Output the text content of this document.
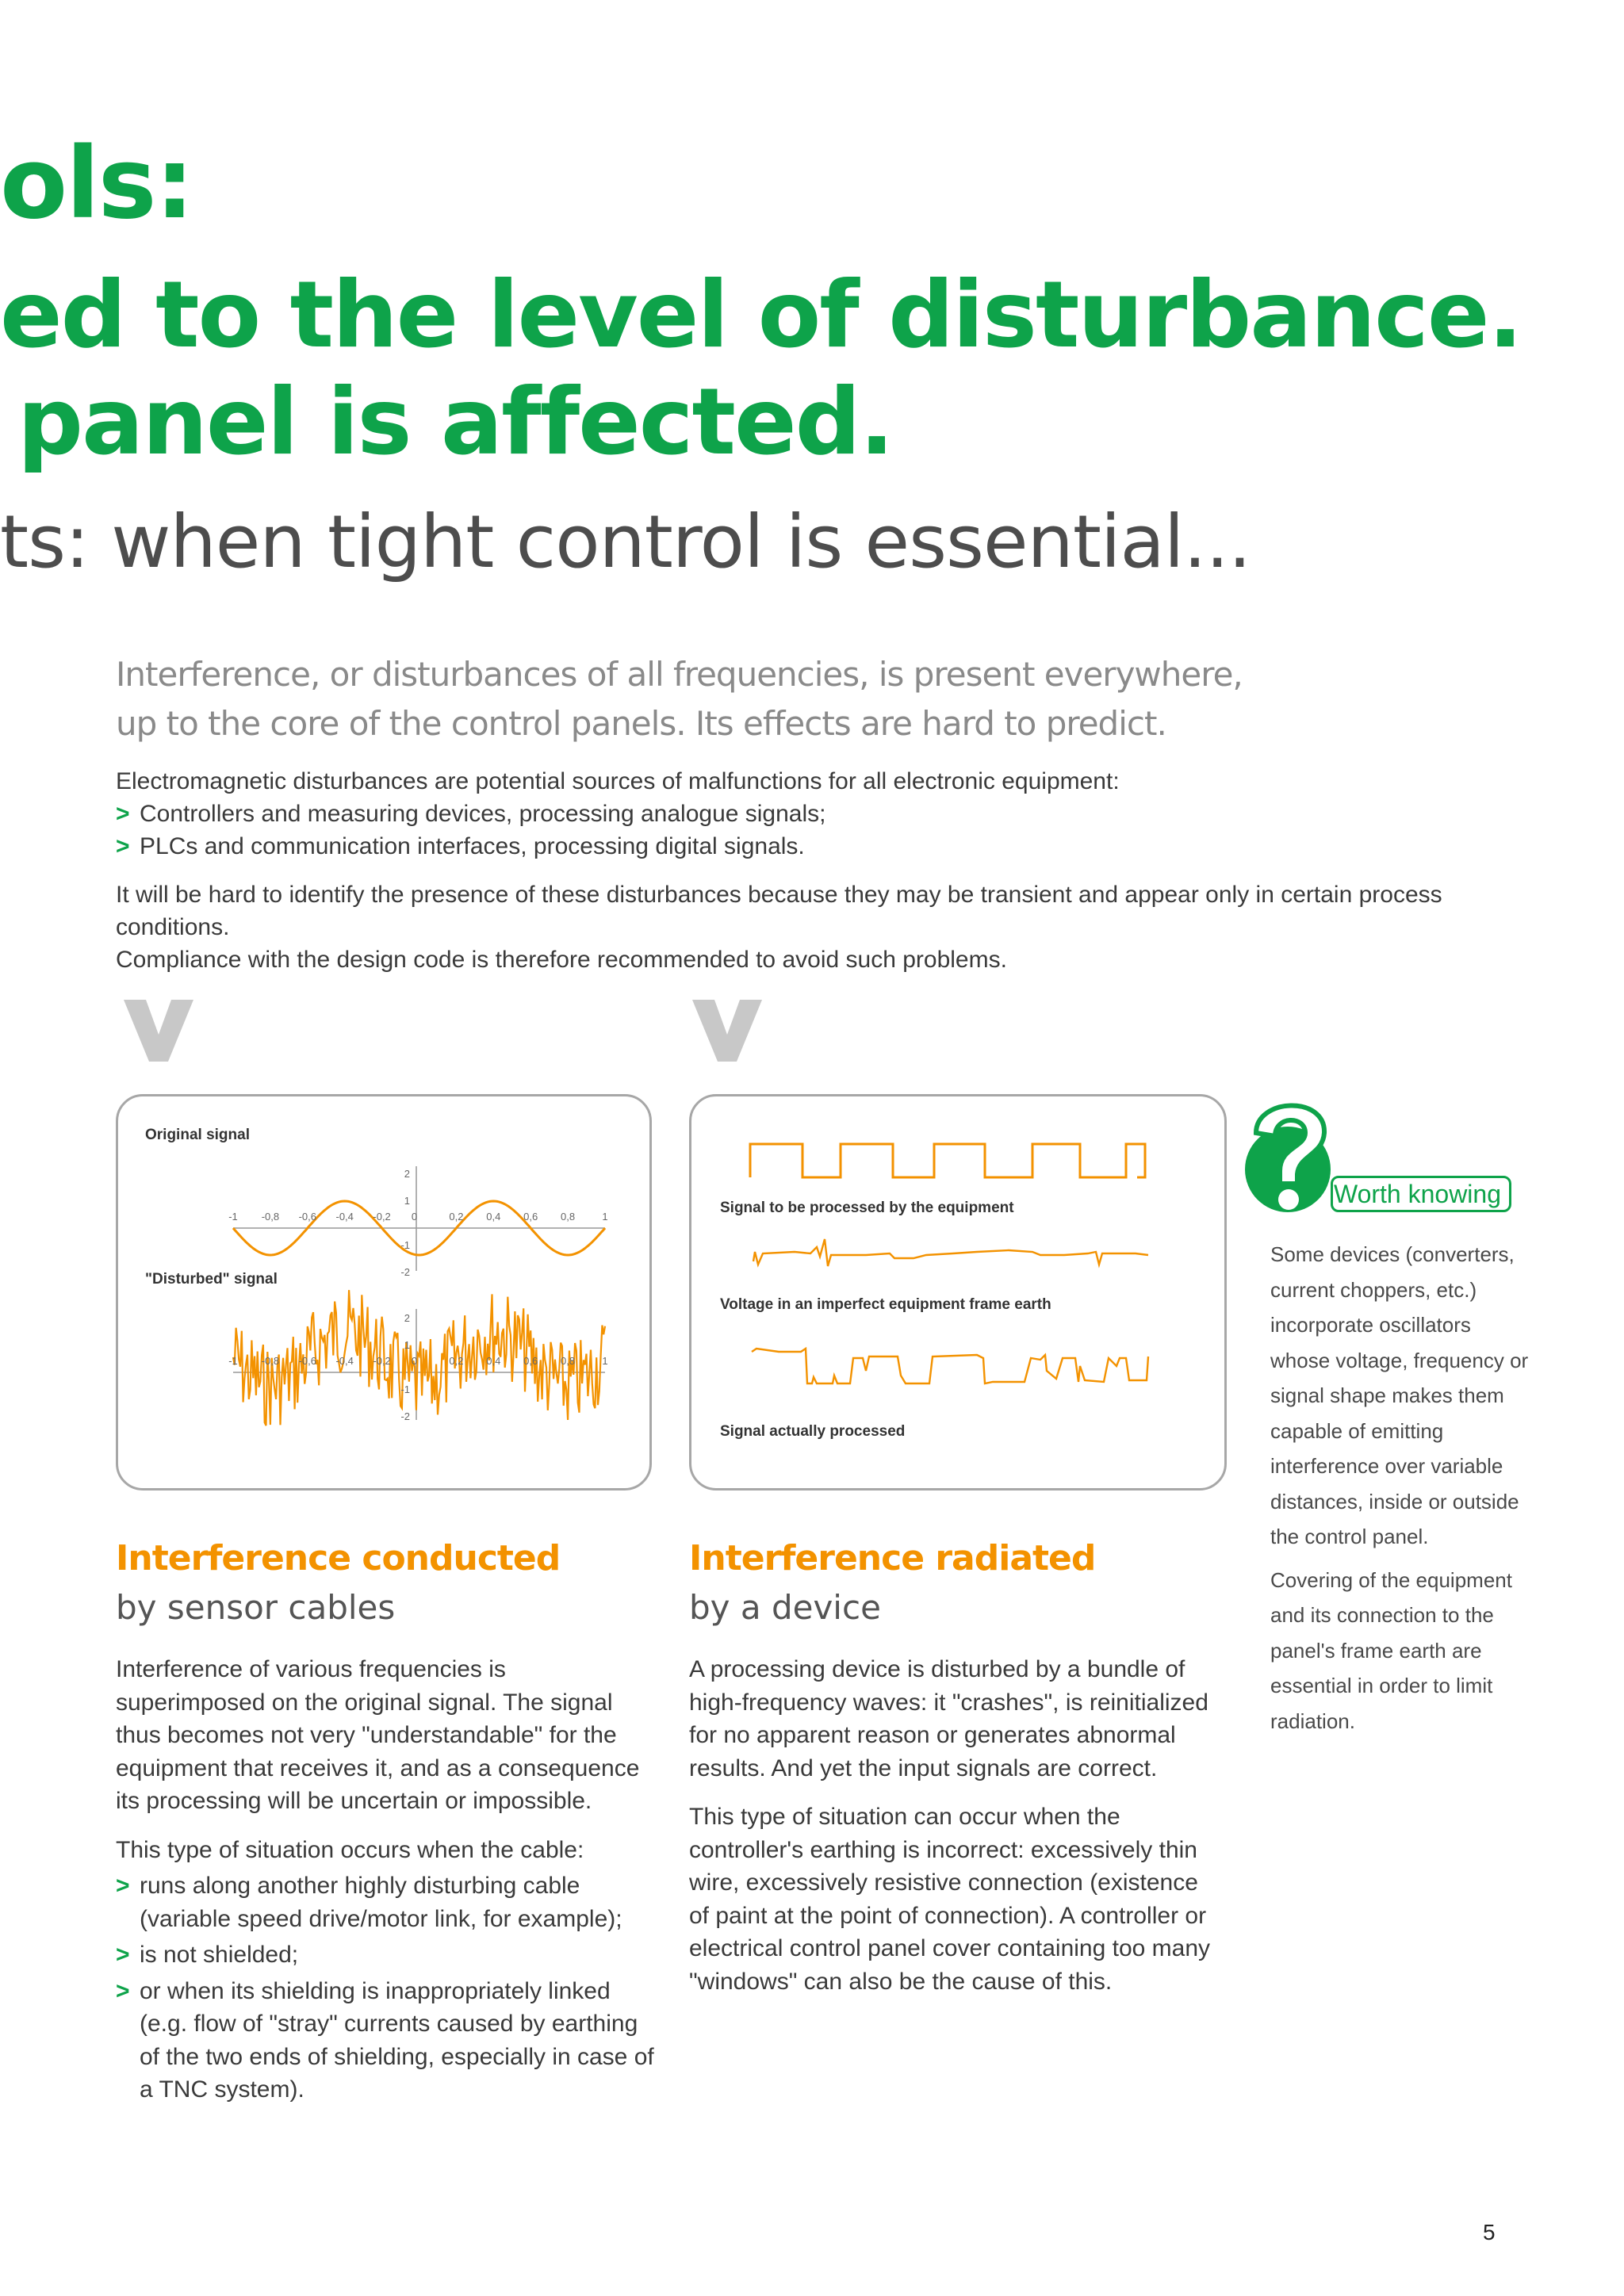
ols:
ed to the level of disturbance.
panel is affected.
ts: when tight control is essential...
Interference, or disturbances of all frequencies, is present everywhere,
up to the core of the control panels. Its effects are hard to predict.
Electromagnetic disturbances are potential sources of malfunctions for all electronic equipment:
> Controllers and measuring devices, processing analogue signals;
> PLCs and communication interfaces, processing digital signals.
It will be hard to identify the presence of these disturbances because they may be transient and appear only in certain process conditions.
Compliance with the design code is therefore recommended to avoid such problems.
Original signal
"Disturbed" signal
-1 -0,8 -0,6 -0,4 -0,2 0	0,2 0,4 0,6 0,8	1
2
1
-1
-2
-1 -0,8 -0,6 -0,4 -0,2 0	0,2 0,4 0,6 0,8	1
2
1
-1
-2
Signal to be processed by the equipment
Voltage in an imperfect equipment frame earth
Signal actually processed
Interference conducted
by sensor cables

Interference of various frequencies is superimposed on the original signal. The signal thus becomes not very "understandable" for the equipment that receives it, and as a consequence its processing will be uncertain or impossible.

This type of situation occurs when the cable:

> runs along another highly disturbing cable (variable speed drive/motor link, for example);
> is not shielded;
> or when its shielding is inappropriately linked (e.g. flow of "stray" currents caused by earthing of the two ends of shielding, especially in case of a TNC system).
Interference radiated
by a device

A processing device is disturbed by a bundle of high-frequency waves: it "crashes", is reinitialized for no apparent reason or generates abnormal results. And yet the input signals are correct.

This type of situation can occur when the controller's earthing is incorrect: excessively thin wire, excessively resistive connection (existence of paint at the point of connection). A controller or electrical control panel cover containing too many "windows" can also be the cause of this.

Worth knowing

Some devices (converters, current choppers, etc.) incorporate oscillators whose voltage, frequency or signal shape makes them capable of emitting interference over variable distances, inside or outside the control panel.

Covering of the equipment and its connection to the panel's frame earth are essential in order to limit radiation.

5
